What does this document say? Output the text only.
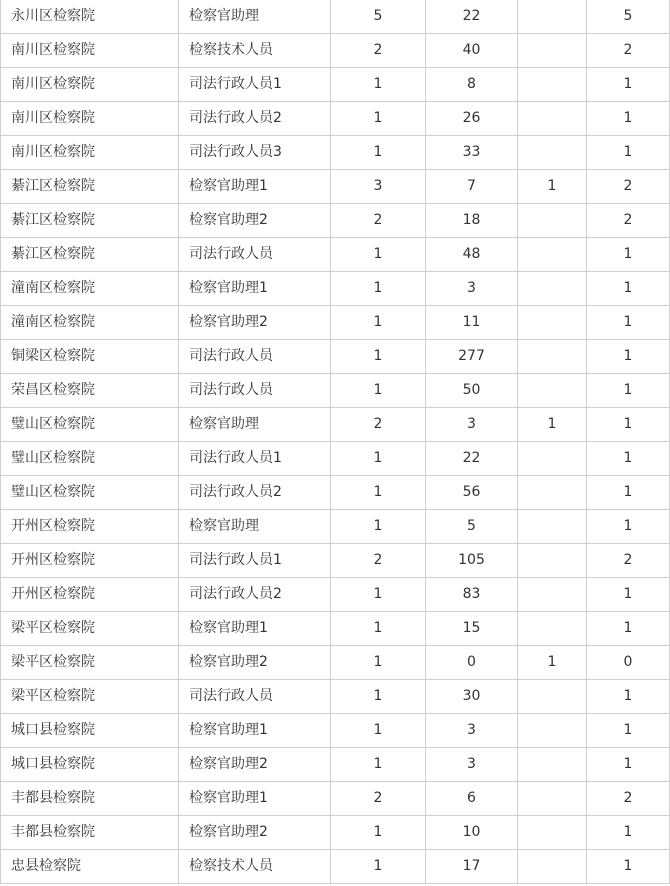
永川区检察院	检察官助理	5	22		5
南川区检察院	检察技术人员	2	40		2
南川区检察院	司法行政人员1	1	8		1
南川区检察院	司法行政人员2	1	26		1
南川区检察院	司法行政人员3	1	33		1
綦江区检察院	检察官助理1	3	7	1	2
綦江区检察院	检察官助理2	2	18		2
綦江区检察院	司法行政人员	1	48		1
潼南区检察院	检察官助理1	1	3		1
潼南区检察院	检察官助理2	1	11		1
铜梁区检察院	司法行政人员	1	277		1
荣昌区检察院	司法行政人员	1	50		1
璧山区检察院	检察官助理	2	3	1	1
璧山区检察院	司法行政人员1	1	22		1
璧山区检察院	司法行政人员2	1	56		1
开州区检察院	检察官助理	1	5		1
开州区检察院	司法行政人员1	2	105		2
开州区检察院	司法行政人员2	1	83		1
梁平区检察院	检察官助理1	1	15		1
梁平区检察院	检察官助理2	1	0	1	0
梁平区检察院	司法行政人员	1	30		1
城口县检察院	检察官助理1	1	3		1
城口县检察院	检察官助理2	1	3		1
丰都县检察院	检察官助理1	2	6		2
丰都县检察院	检察官助理2	1	10		1
忠县检察院	检察技术人员	1	17		1
